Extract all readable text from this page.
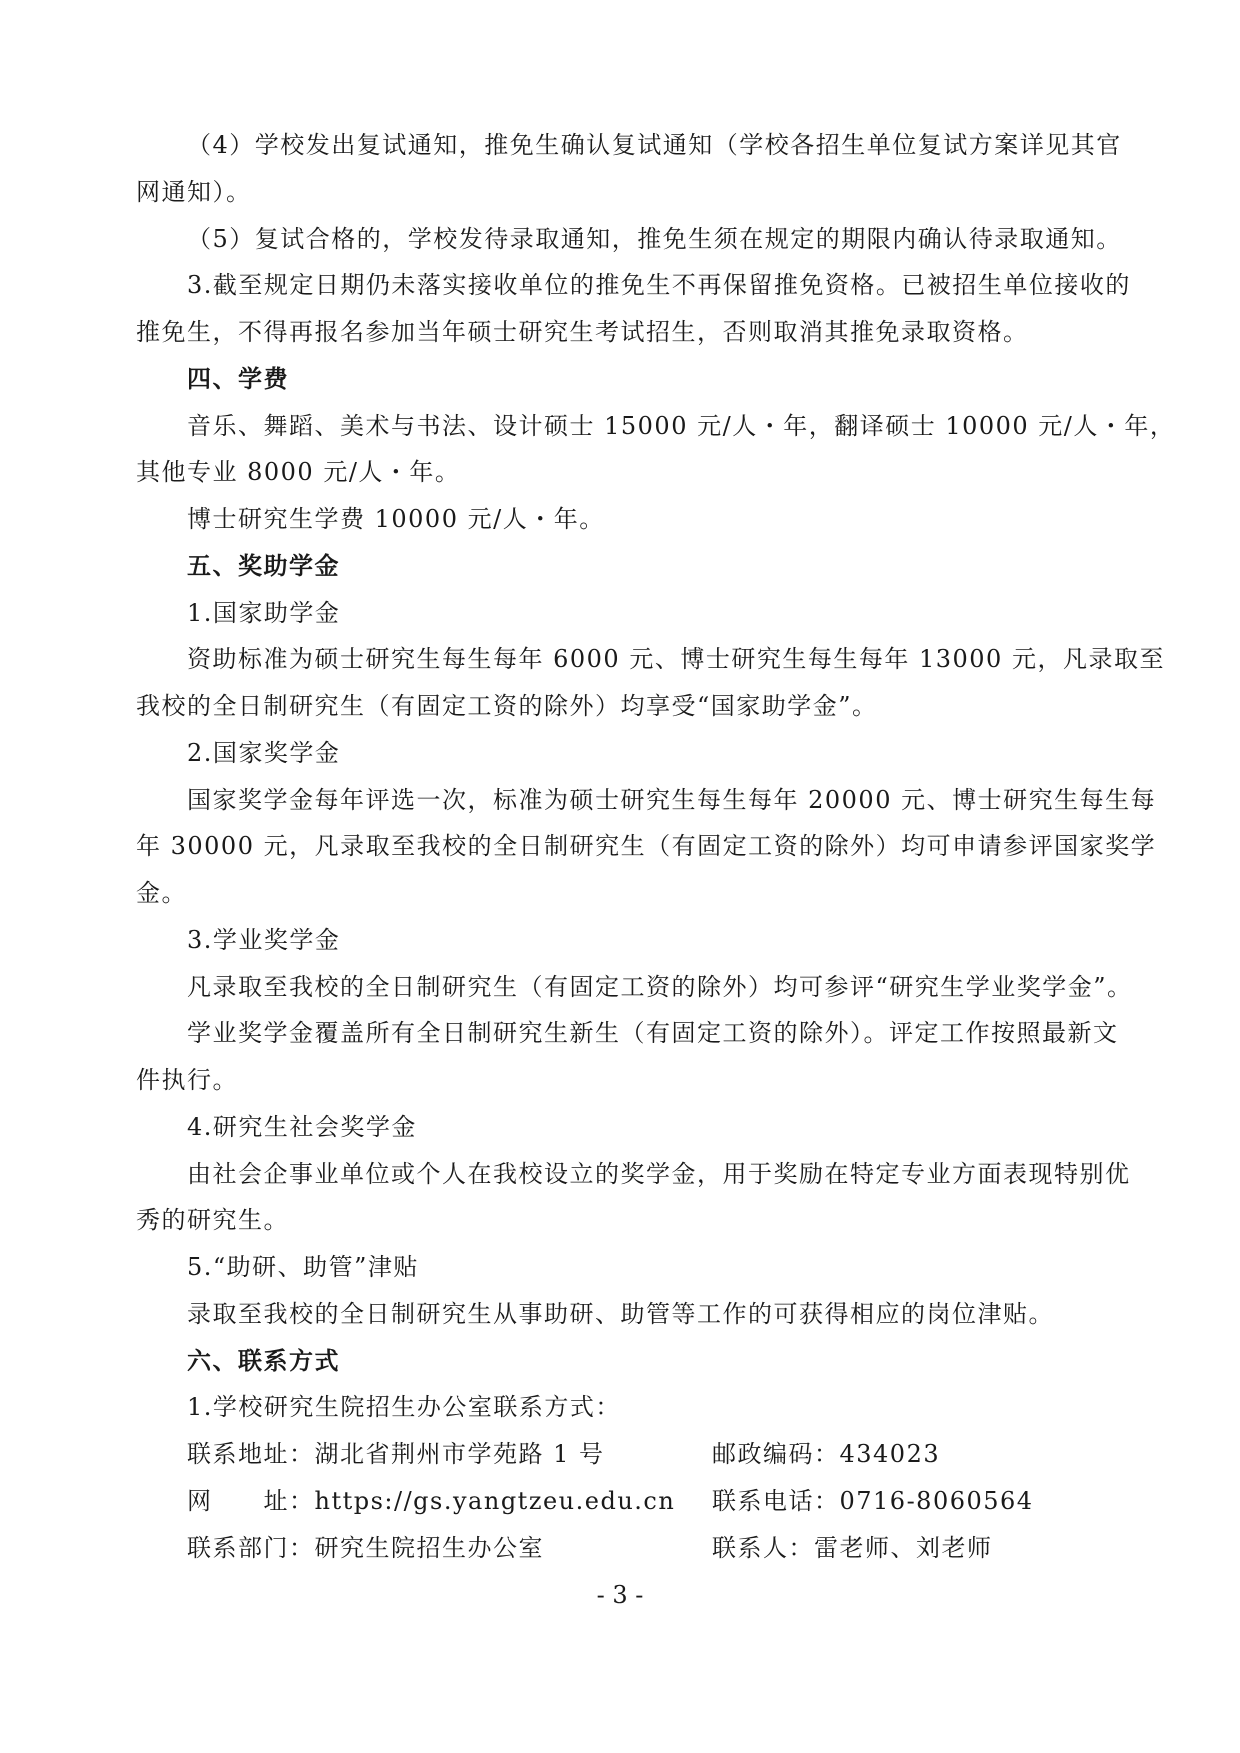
（4）学校发出复试通知，推免生确认复试通知（学校各招生单位复试方案详见其官
网通知）。
（5）复试合格的，学校发待录取通知，推免生须在规定的期限内确认待录取通知。
3.截至规定日期仍未落实接收单位的推免生不再保留推免资格。已被招生单位接收的
推免生，不得再报名参加当年硕士研究生考试招生，否则取消其推免录取资格。
四、学费
音乐、舞蹈、美术与书法、设计硕士 15000 元/人・年，翻译硕士 10000 元/人・年，
其他专业 8000 元/人・年。
博士研究生学费 10000 元/人・年。
五、奖助学金
1.国家助学金
资助标准为硕士研究生每生每年 6000 元、博士研究生每生每年 13000 元，凡录取至
我校的全日制研究生（有固定工资的除外）均享受“国家助学金”。
2.国家奖学金
国家奖学金每年评选一次，标准为硕士研究生每生每年 20000 元、博士研究生每生每
年 30000 元，凡录取至我校的全日制研究生（有固定工资的除外）均可申请参评国家奖学
金。
3.学业奖学金
凡录取至我校的全日制研究生（有固定工资的除外）均可参评“研究生学业奖学金”。
学业奖学金覆盖所有全日制研究生新生（有固定工资的除外）。评定工作按照最新文
件执行。
4.研究生社会奖学金
由社会企事业单位或个人在我校设立的奖学金，用于奖励在特定专业方面表现特别优
秀的研究生。
5.“助研、助管”津贴
录取至我校的全日制研究生从事助研、助管等工作的可获得相应的岗位津贴。
六、联系方式
1.学校研究生院招生办公室联系方式：
联系地址：湖北省荆州市学苑路 1 号	邮政编码：434023
网　　址：https://gs.yangtzeu.edu.cn 联系电话：0716-8060564
联系部门：研究生院招生办公室	联系人：雷老师、刘老师
- 3 -
